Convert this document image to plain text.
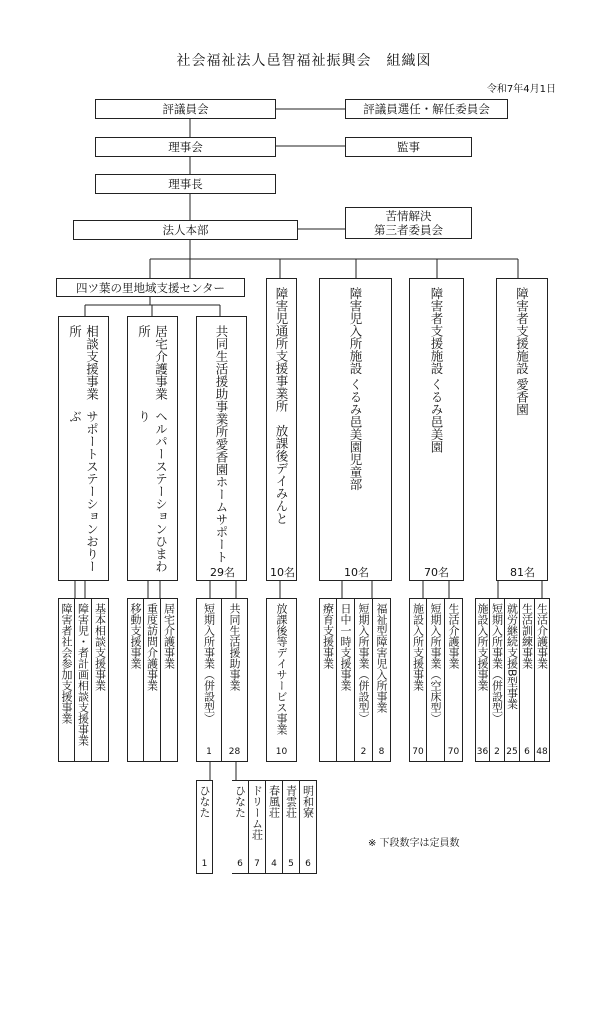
社会福祉法人邑智福祉振興会　組織図
令和7年4月1日
評議員会	評議員選任・解任委員会
理事会	監事
理事長
法人本部
苦情解決
第三者委員会
四ツ葉の里地域支援センター
相談支援事業所
サポートステーションおりーぶ
居宅介護事業所
ヘルパーステーションひまわり	共同生活援助事業所
愛香園ホームサポート	障害児通所支援事業所　放課後デイみんと	障害児入所施設

くるみ邑美園児童部
障害者支援施設

くるみ邑美園
障害者支援施設

愛香園
29名	10名	10名	70名	81名
障害者社会参加支援事業 障害児・者計画相談支援事業 基本相談支援事業 移動支援事業 重度訪問介護事業 居宅介護事業 短期入所事業（併設型）
1
共同生活援助事業
28
放課後等デイサービス事業
10
療育支援事業 日中一時支援事業 短期入所事業（併設型）
2
福祉型障害児入所事業
8
施設入所支援事業
70
短期入所事業（空床型） 生活介護事業
70
施設入所支援事業
36
短期入所事業（併設型）
2
就労継続支援B型事業
25
生活訓練事業
6
生活介護事業
48
ひなた
1
ひなた
6
ドリーム荘
7
春風荘
4
青雲荘
5
明和寮
6
※ 下段数字は定員数
